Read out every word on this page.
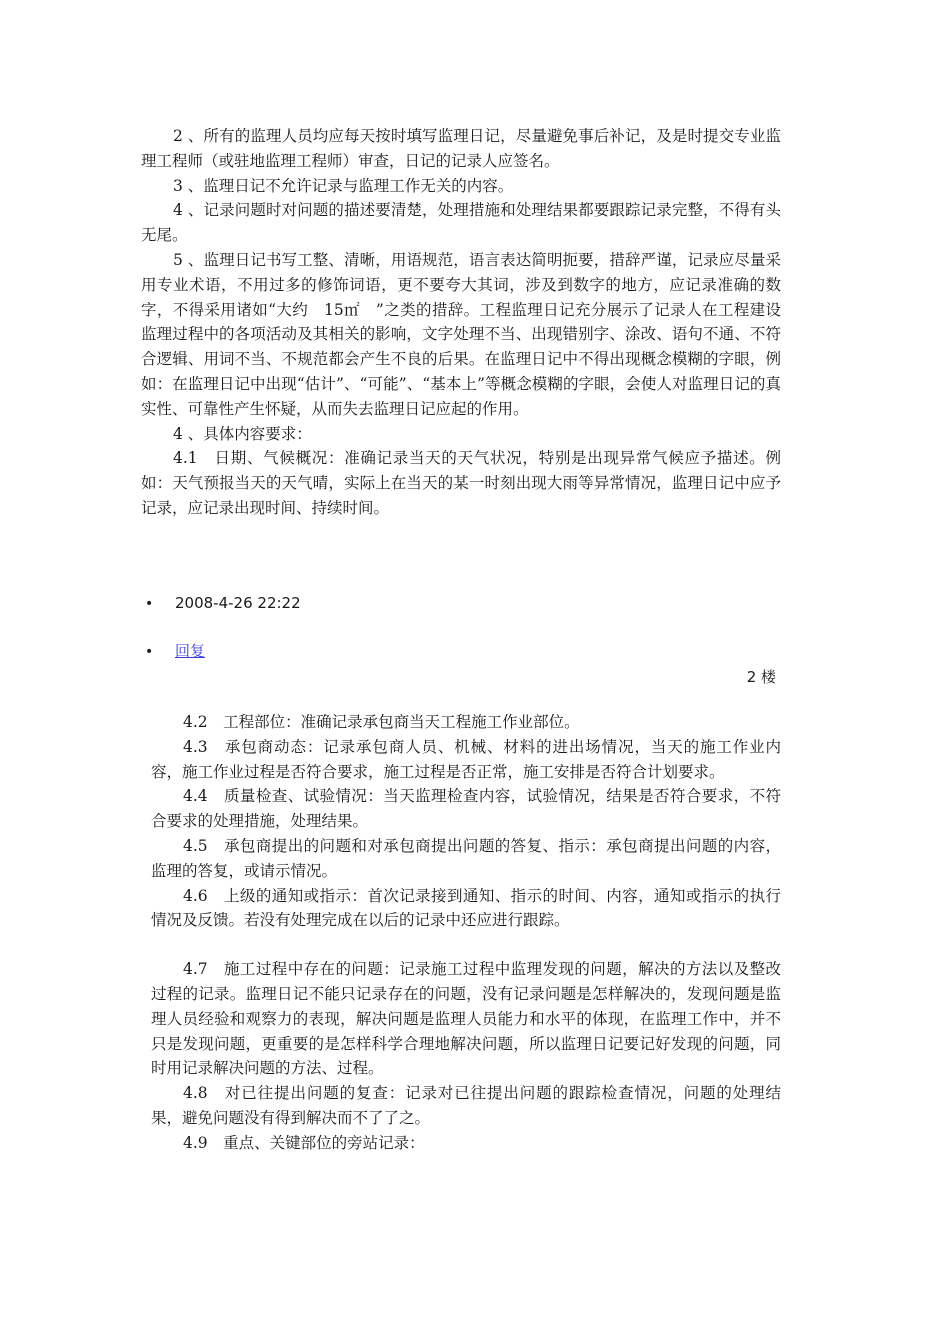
2 、所有的监理人员均应每天按时填写监理日记，尽量避免事后补记，及是时提交专业监理工程师（或驻地监理工程师）审查，日记的记录人应签名。

3 、监理日记不允许记录与监理工作无关的内容。

4 、记录问题时对问题的描述要清楚，处理措施和处理结果都要跟踪记录完整，不得有头无尾。

5 、监理日记书写工整、清晰，用语规范，语言表达简明扼要，措辞严谨，记录应尽量采用专业术语，不用过多的修饰词语，更不要夸大其词，涉及到数字的地方，应记录准确的数字，不得采用诸如“大约　15㎡　”之类的措辞。工程监理日记充分展示了记录人在工程建设监理过程中的各项活动及其相关的影响，文字处理不当、出现错别字、涂改、语句不通、不符合逻辑、用词不当、不规范都会产生不良的后果。在监理日记中不得出现概念模糊的字眼，例如：在监理日记中出现“估计”、“可能”、“基本上”等概念模糊的字眼，会使人对监理日记的真实性、可靠性产生怀疑，从而失去监理日记应起的作用。

4 、具体内容要求：

4.1　日期、气候概况：准确记录当天的天气状况，特别是出现异常气候应予描述。例如：天气预报当天的天气晴，实际上在当天的某一时刻出现大雨等异常情况，监理日记中应予记录，应记录出现时间、持续时间。

• 2008-4-26 22:22
• 回复
2 楼

4.2　工程部位：准确记录承包商当天工程施工作业部位。

4.3　承包商动态：记录承包商人员、机械、材料的进出场情况，当天的施工作业内容，施工作业过程是否符合要求，施工过程是否正常，施工安排是否符合计划要求。

4.4　质量检查、试验情况：当天监理检查内容，试验情况，结果是否符合要求，不符合要求的处理措施，处理结果。

4.5　承包商提出的问题和对承包商提出问题的答复、指示：承包商提出问题的内容，监理的答复，或请示情况。

4.6　上级的通知或指示：首次记录接到通知、指示的时间、内容，通知或指示的执行情况及反馈。若没有处理完成在以后的记录中还应进行跟踪。

4.7　施工过程中存在的问题：记录施工过程中监理发现的问题，解决的方法以及整改过程的记录。监理日记不能只记录存在的问题，没有记录问题是怎样解决的，发现问题是监理人员经验和观察力的表现，解决问题是监理人员能力和水平的体现，在监理工作中，并不只是发现问题，更重要的是怎样科学合理地解决问题，所以监理日记要记好发现的问题，同时用记录解决问题的方法、过程。

4.8　对已往提出问题的复查：记录对已往提出问题的跟踪检查情况，问题的处理结果，避免问题没有得到解决而不了了之。

4.9　重点、关键部位的旁站记录：
